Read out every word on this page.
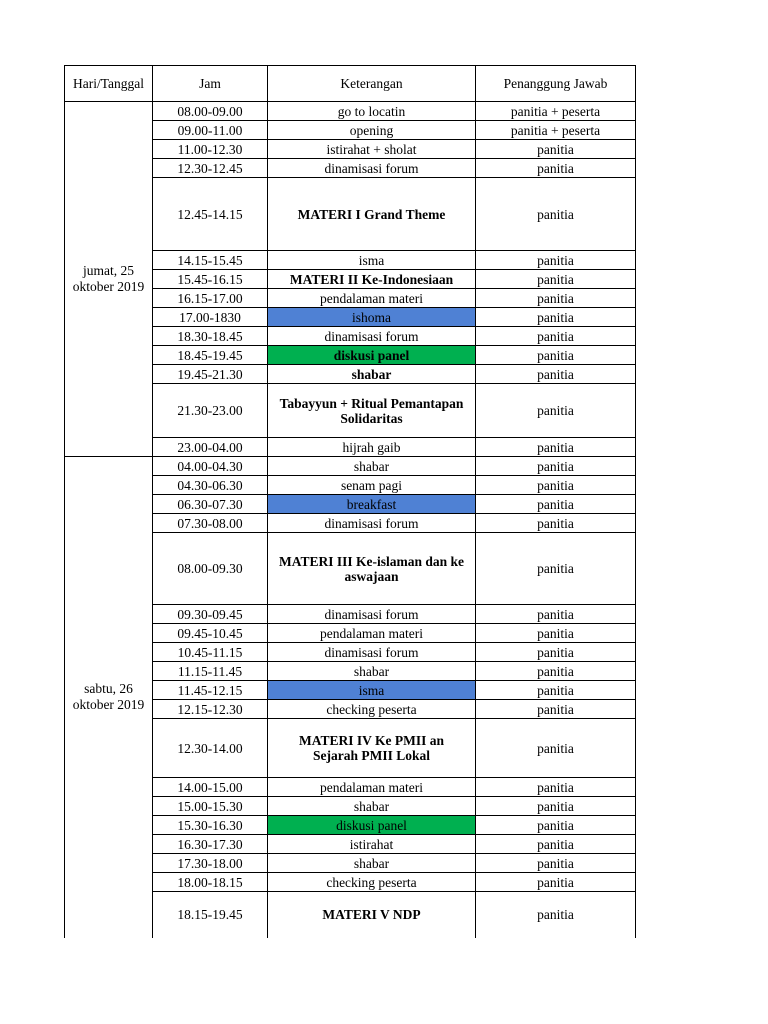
Hari/Tanggal	Jam	Keterangan	Penanggung Jawab
jumat, 25 oktober 2019	08.00-09.00	go to locatin	panitia + peserta
	09.00-11.00	opening	panitia + peserta
	11.00-12.30	istirahat + sholat	panitia
	12.30-12.45	dinamisasi forum	panitia
	12.45-14.15	MATERI I Grand Theme	panitia
	14.15-15.45	isma	panitia
	15.45-16.15	MATERI II Ke-Indonesiaan	panitia
	16.15-17.00	pendalaman materi	panitia
	17.00-1830	ishoma	panitia
	18.30-18.45	dinamisasi forum	panitia
	18.45-19.45	diskusi panel	panitia
	19.45-21.30	shabar	panitia
	21.30-23.00	Tabayyun + Ritual Pemantapan Solidaritas	panitia
	23.00-04.00	hijrah gaib	panitia
sabtu, 26 oktober 2019	04.00-04.30	shabar	panitia
	04.30-06.30	senam pagi	panitia
	06.30-07.30	breakfast	panitia
	07.30-08.00	dinamisasi forum	panitia
	08.00-09.30	MATERI III Ke-islaman dan ke aswajaan	panitia
	09.30-09.45	dinamisasi forum	panitia
	09.45-10.45	pendalaman materi	panitia
	10.45-11.15	dinamisasi forum	panitia
	11.15-11.45	shabar	panitia
	11.45-12.15	isma	panitia
	12.15-12.30	checking peserta	panitia
	12.30-14.00	MATERI IV Ke PMII an Sejarah PMII Lokal	panitia
	14.00-15.00	pendalaman materi	panitia
	15.00-15.30	shabar	panitia
	15.30-16.30	diskusi panel	panitia
	16.30-17.30	istirahat	panitia
	17.30-18.00	shabar	panitia
	18.00-18.15	checking peserta	panitia
	18.15-19.45	MATERI V NDP	panitia
